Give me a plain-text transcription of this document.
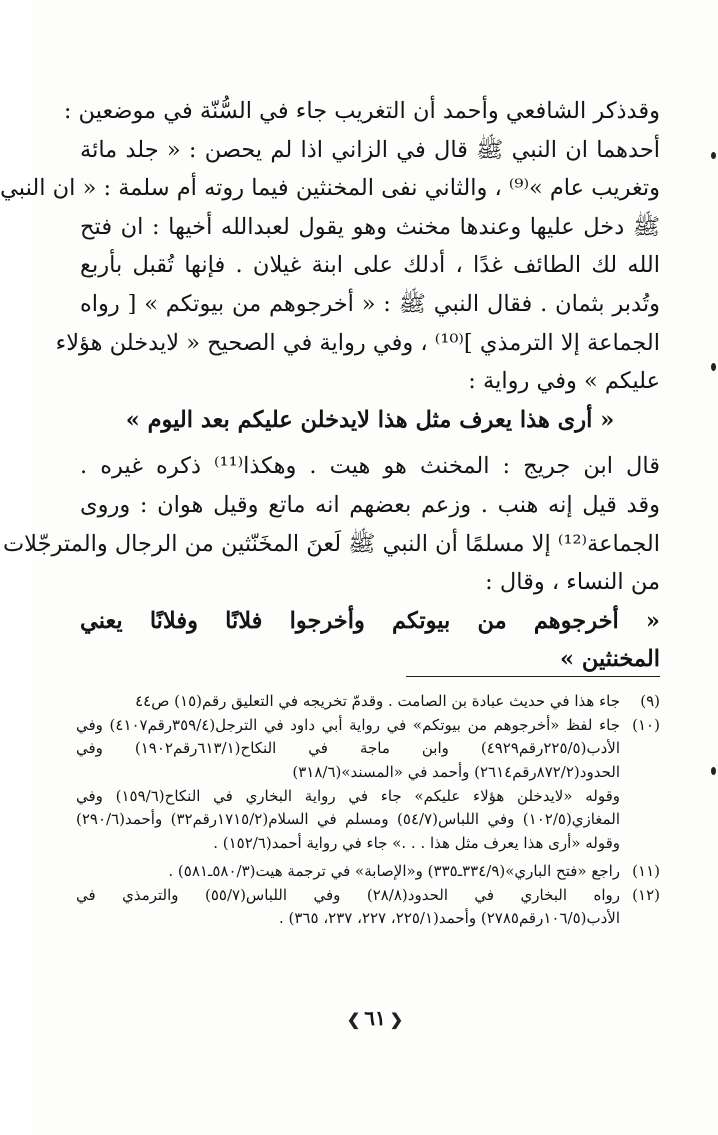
وقدذكر الشافعي وأحمد أن التغريب جاء في السُّنّة في موضعين :
أحدهما ان النبي ﷺ قال في الزاني اذا لم يحصن : « جلد مائة
وتغريب عام »⁽⁹⁾ ، والثاني نفى المخنثين فيما روته أم سلمة : « ان النبي
ﷺ دخل عليها وعندها مخنث وهو يقول لعبدالله أخيها : ان فتح
الله لك الطائف غدًا ، أدلك على ابنة غيلان . فإنها تُقبل بأربع
وتُدبر بثمان . فقال النبي ﷺ : « أخرجوهم من بيوتكم » [ رواه
الجماعة إلا الترمذي ]⁽¹⁰⁾ ، وفي رواية في الصحيح « لايدخلن هؤلاء
عليكم » وفي رواية :
« أرى هذا يعرف مثل هذا لايدخلن عليكم بعد اليوم »
قال ابن جريج : المخنث هو هيت . وهكذا⁽¹¹⁾ ذكره غيره .
وقد قيل إنه هنب . وزعم بعضهم انه ماتع وقيل هوان : وروى
الجماعة⁽¹²⁾ إلا مسلمًا أن النبي ﷺ لَعنَ المخَنّثين من الرجال والمترجّلات
من النساء ، وقال :
« أخرجوهم من بيوتكم وأخرجوا فلانًا وفلانًا يعني
المخنثين »
(٩)جاء هذا في حديث عبادة بن الصامت . وقدمّ تخريجه في التعليق رقم(١٥) ص٤٤
(١٠)جاء لفظ «أخرجوهم من بيوتكم» في رواية أبي داود في الترجل(٣٥٩/٤رقم٤١٠٧) وفي
الأدب(٢٢٥/٥رقم٤٩٢٩) وابن ماجة في النكاح(٦١٣/١رقم١٩٠٢) وفي
الحدود(٨٧٢/٢رقم٢٦١٤) وأحمد في «المسند»(٣١٨/٦)
وقوله «لايدخلن هؤلاء عليكم» جاء في رواية البخاري في النكاح(١٥٩/٦) وفي
المغازي(١٠٢/٥) وفي اللباس(٥٤/٧) ومسلم في السلام(١٧١٥/٢رقم٣٢) وأحمد(٢٩٠/٦)
وقوله «أرى هذا يعرف مثل هذا . . .» جاء في رواية أحمد(١٥٢/٦) .
(١١)راجع «فتح الباري»(٣٣٤/٩ـ٣٣٥) و«الإصابة» في ترجمة هيت(٥٨٠/٣ـ٥٨١) .
(١٢)رواه البخاري في الحدود(٢٨/٨) وفي اللباس(٥٥/٧) والترمذي في
الأدب(١٠٦/٥رقم٢٧٨٥) وأحمد(٢٢٥/١، ٢٢٧، ٢٣٧، ٣٦٥) .
❮٦١❯
